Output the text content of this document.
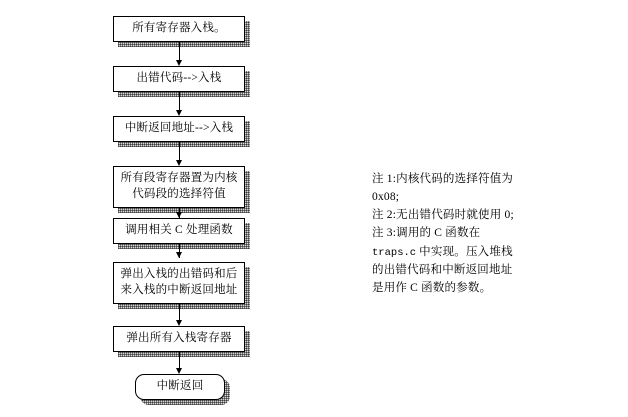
所有寄存器入栈。
出错代码-->入栈
中断返回地址-->入栈
所有段寄存器置为内核
代码段的选择符值
调用相关 C 处理函数
弹出入栈的出错码和后
来入栈的中断返回地址
弹出所有入栈寄存器
中断返回

注 1:内核代码的选择符值为 0x08;

注 2:无出错代码时就使用 0;

注 3:调用的 C 函数在traps.c 中实现。压入堆栈的出错代码和中断返回地址是用作 C 函数的参数。
